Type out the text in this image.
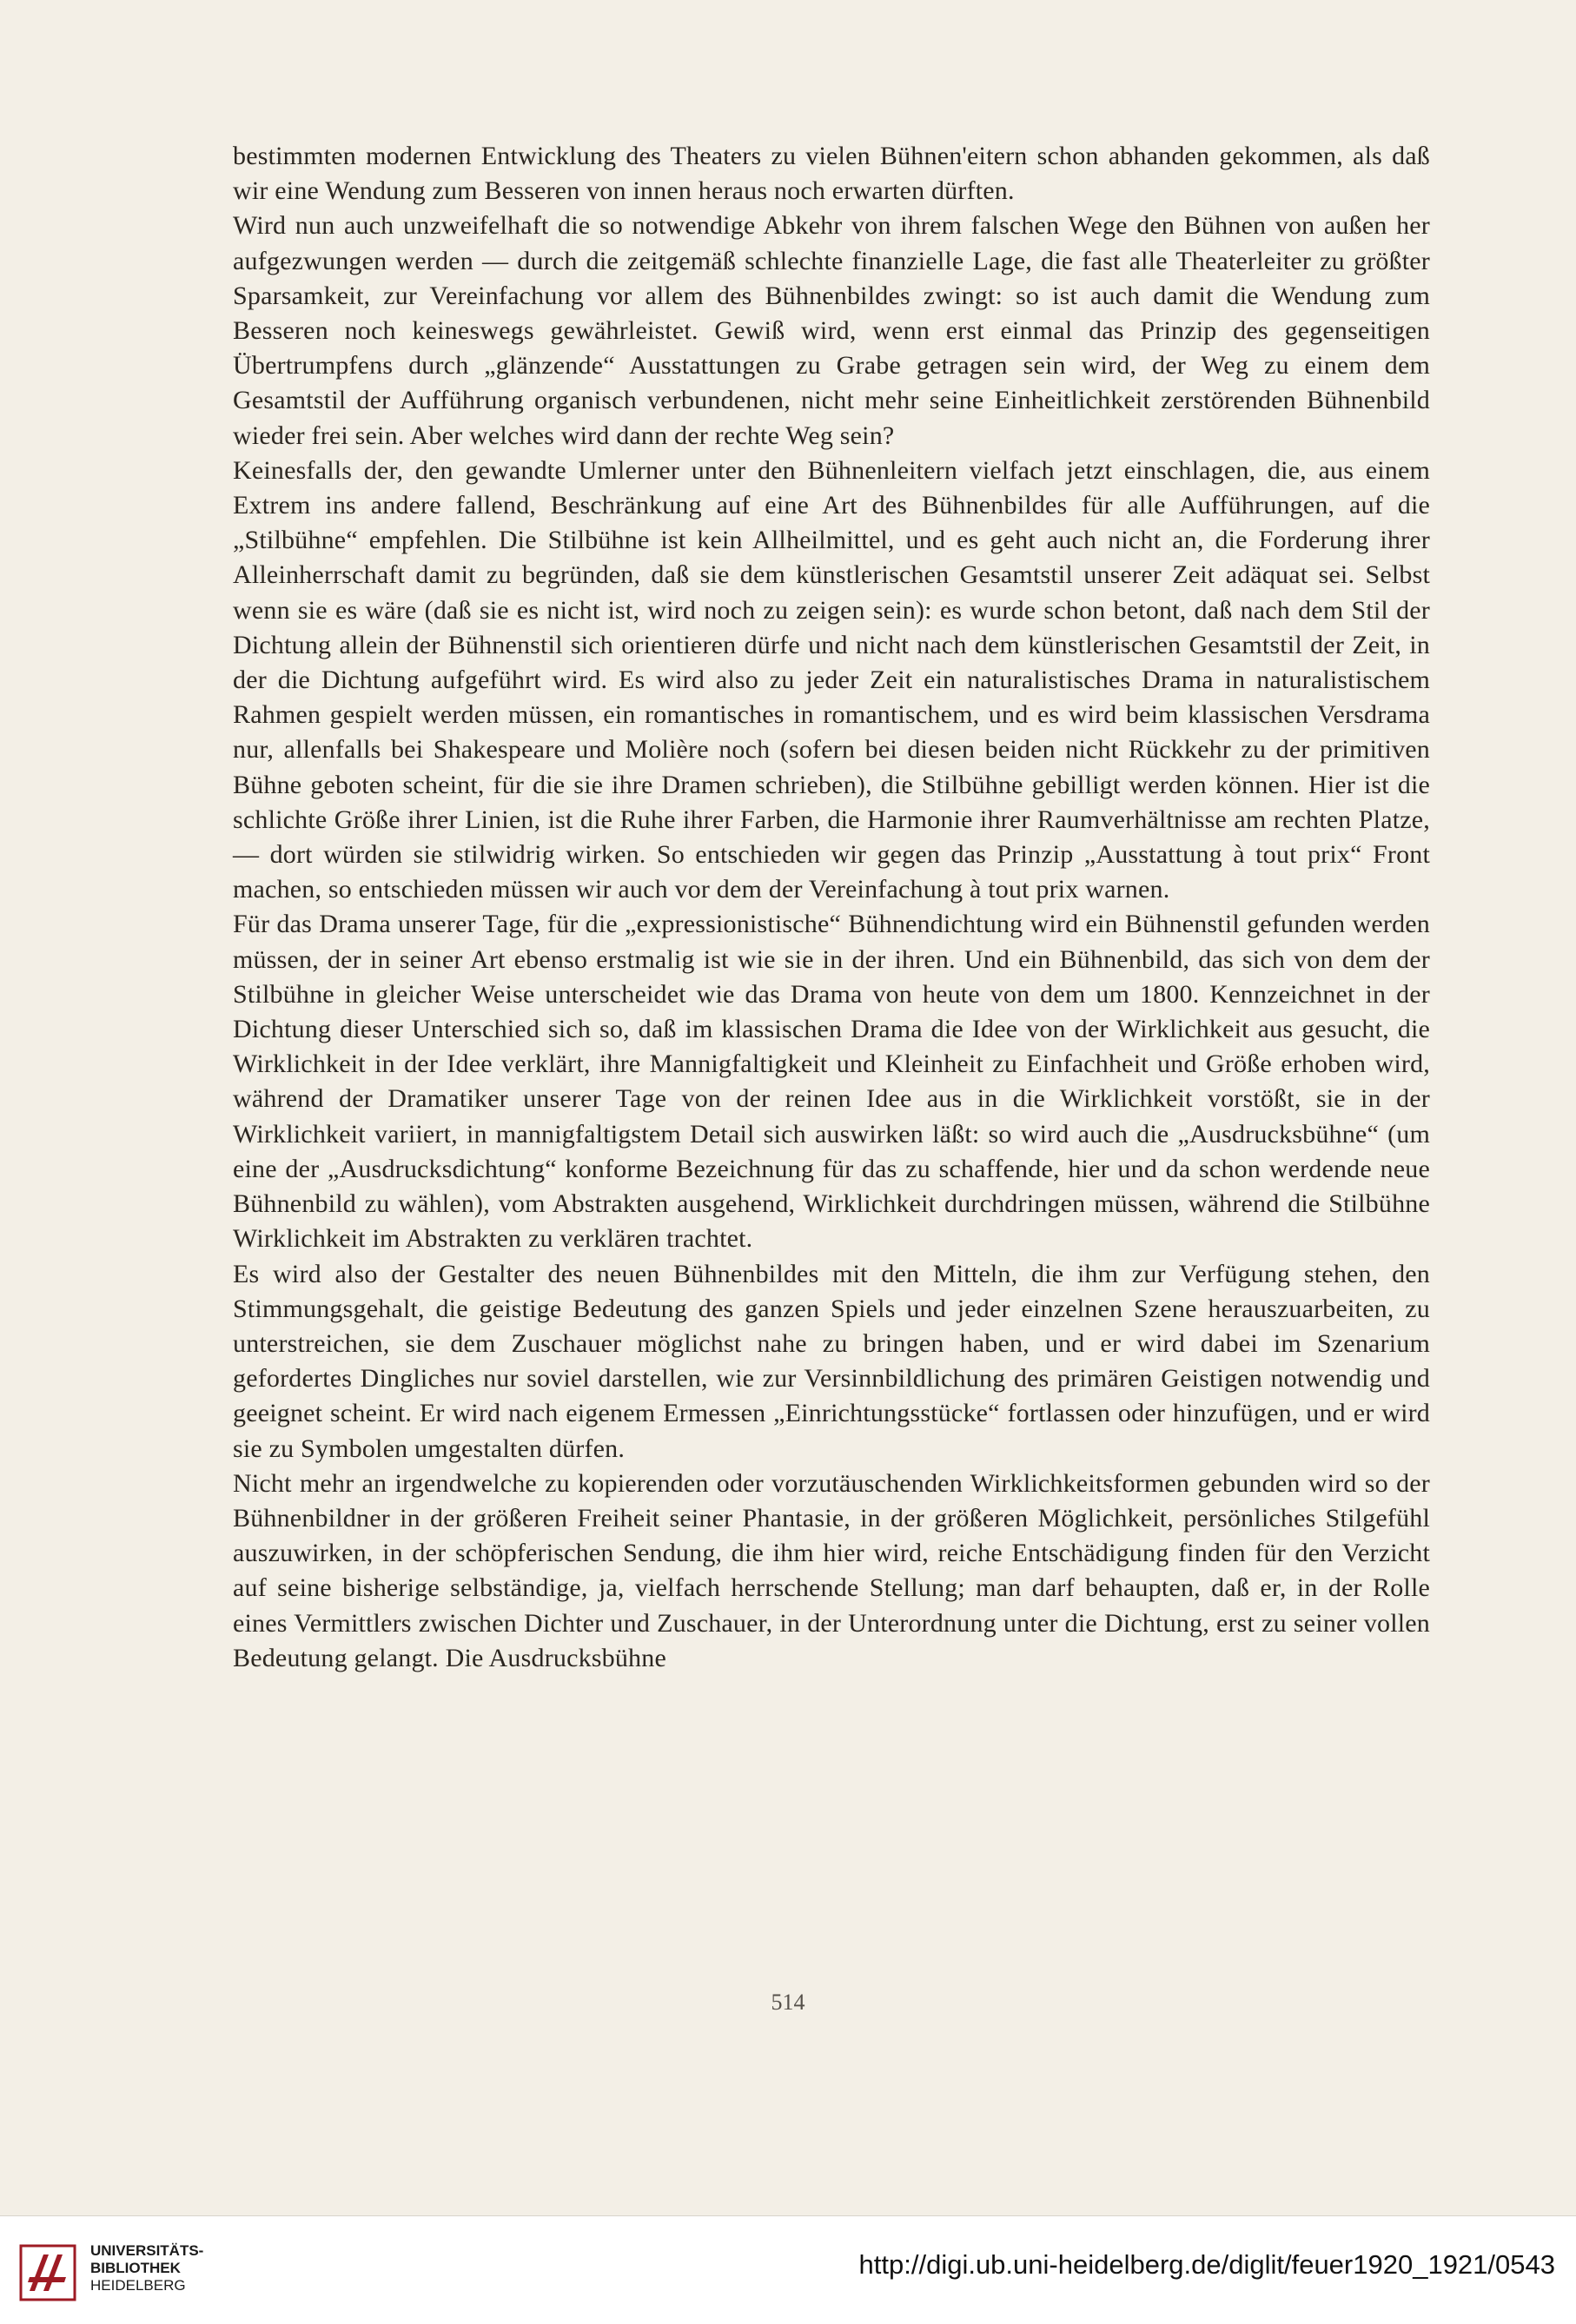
bestimmten modernen Entwicklung des Theaters zu vielen Bühnen'eitern schon abhanden gekommen, als daß wir eine Wendung zum Besseren von innen heraus noch erwarten dürften.

Wird nun auch unzweifelhaft die so notwendige Abkehr von ihrem falschen Wege den Bühnen von außen her aufgezwungen werden — durch die zeitgemäß schlechte finanzielle Lage, die fast alle Theaterleiter zu größter Sparsamkeit, zur Vereinfachung vor allem des Bühnenbildes zwingt: so ist auch damit die Wendung zum Besseren noch keineswegs gewährleistet. Gewiß wird, wenn erst einmal das Prinzip des gegenseitigen Übertrumpfens durch „glänzende“ Ausstattungen zu Grabe getragen sein wird, der Weg zu einem dem Gesamtstil der Aufführung organisch verbundenen, nicht mehr seine Einheitlichkeit zerstörenden Bühnenbild wieder frei sein. Aber welches wird dann der rechte Weg sein?

Keinesfalls der, den gewandte Umlerner unter den Bühnenleitern vielfach jetzt einschlagen, die, aus einem Extrem ins andere fallend, Beschränkung auf eine Art des Bühnenbildes für alle Aufführungen, auf die „Stilbühne“ empfehlen. Die Stilbühne ist kein Allheilmittel, und es geht auch nicht an, die Forderung ihrer Alleinherrschaft damit zu begründen, daß sie dem künstlerischen Gesamtstil unserer Zeit adäquat sei. Selbst wenn sie es wäre (daß sie es nicht ist, wird noch zu zeigen sein): es wurde schon betont, daß nach dem Stil der Dichtung allein der Bühnenstil sich orientieren dürfe und nicht nach dem künstlerischen Gesamtstil der Zeit, in der die Dichtung aufgeführt wird. Es wird also zu jeder Zeit ein naturalistisches Drama in naturalistischem Rahmen gespielt werden müssen, ein romantisches in romantischem, und es wird beim klassischen Versdrama nur, allenfalls bei Shakespeare und Molière noch (sofern bei diesen beiden nicht Rückkehr zu der primitiven Bühne geboten scheint, für die sie ihre Dramen schrieben), die Stilbühne gebilligt werden können. Hier ist die schlichte Größe ihrer Linien, ist die Ruhe ihrer Farben, die Harmonie ihrer Raumverhältnisse am rechten Platze, — dort würden sie stilwidrig wirken. So entschieden wir gegen das Prinzip „Ausstattung à tout prix“ Front machen, so entschieden müssen wir auch vor dem der Vereinfachung à tout prix warnen.

Für das Drama unserer Tage, für die „expressionistische“ Bühnendichtung wird ein Bühnenstil gefunden werden müssen, der in seiner Art ebenso erstmalig ist wie sie in der ihren. Und ein Bühnenbild, das sich von dem der Stilbühne in gleicher Weise unterscheidet wie das Drama von heute von dem um 1800. Kennzeichnet in der Dichtung dieser Unterschied sich so, daß im klassischen Drama die Idee von der Wirklichkeit aus gesucht, die Wirklichkeit in der Idee verklärt, ihre Mannigfaltigkeit und Kleinheit zu Einfachheit und Größe erhoben wird, während der Dramatiker unserer Tage von der reinen Idee aus in die Wirklichkeit vorstößt, sie in der Wirklichkeit variiert, in mannigfaltigstem Detail sich auswirken läßt: so wird auch die „Ausdrucksbühne“ (um eine der „Ausdrucksdichtung“ konforme Bezeichnung für das zu schaffende, hier und da schon werdende neue Bühnenbild zu wählen), vom Abstrakten ausgehend, Wirklichkeit durchdringen müssen, während die Stilbühne Wirklichkeit im Abstrakten zu verklären trachtet.

Es wird also der Gestalter des neuen Bühnenbildes mit den Mitteln, die ihm zur Verfügung stehen, den Stimmungsgehalt, die geistige Bedeutung des ganzen Spiels und jeder einzelnen Szene herauszuarbeiten, zu unterstreichen, sie dem Zuschauer möglichst nahe zu bringen haben, und er wird dabei im Szenarium gefordertes Dingliches nur soviel darstellen, wie zur Versinnbildlichung des primären Geistigen notwendig und geeignet scheint. Er wird nach eigenem Ermessen „Einrichtungsstücke“ fortlassen oder hinzufügen, und er wird sie zu Symbolen umgestalten dürfen.

Nicht mehr an irgendwelche zu kopierenden oder vorzutäuschenden Wirklichkeitsformen gebunden wird so der Bühnenbildner in der größeren Freiheit seiner Phantasie, in der größeren Möglichkeit, persönliches Stilgefühl auszuwirken, in der schöpferischen Sendung, die ihm hier wird, reiche Entschädigung finden für den Verzicht auf seine bisherige selbständige, ja, vielfach herrschende Stellung; man darf behaupten, daß er, in der Rolle eines Vermittlers zwischen Dichter und Zuschauer, in der Unterordnung unter die Dichtung, erst zu seiner vollen Bedeutung gelangt. Die Ausdrucksbühne

514
UNIVERSITÄTS-
BIBLIOTHEK
HEIDELBERG
http://digi.ub.uni-heidelberg.de/diglit/feuer1920_1921/0543
